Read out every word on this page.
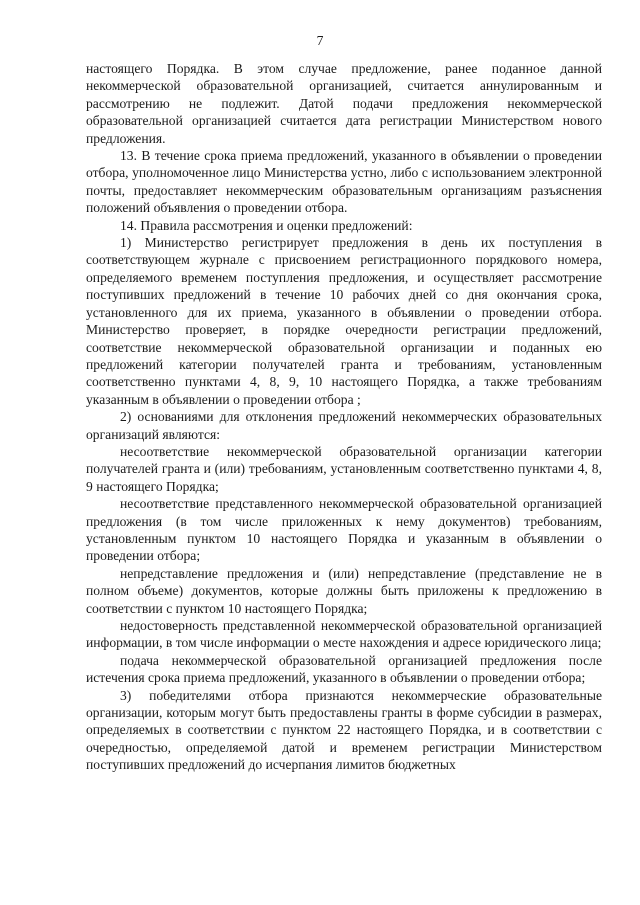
7

настоящего Порядка. В этом случае предложение, ранее поданное данной некоммерческой образовательной организацией, считается аннулированным и рассмотрению не подлежит. Датой подачи предложения некоммерческой образовательной организацией считается дата регистрации Министерством нового предложения.

13. В течение срока приема предложений, указанного в объявлении о проведении отбора, уполномоченное лицо Министерства устно, либо с использованием электронной почты, предоставляет некоммерческим образовательным организациям разъяснения положений объявления о проведении отбора.

14. Правила рассмотрения и оценки предложений:

1) Министерство регистрирует предложения в день их поступления в соответствующем журнале с присвоением регистрационного порядкового номера, определяемого временем поступления предложения, и осуществляет рассмотрение поступивших предложений в течение 10 рабочих дней со дня окончания срока, установленного для их приема, указанного в объявлении о проведении отбора. Министерство проверяет, в порядке очередности регистрации предложений, соответствие некоммерческой образовательной организации и поданных ею предложений категории получателей гранта и требованиям, установленным соответственно пунктами 4, 8, 9, 10 настоящего Порядка, а также требованиям указанным в объявлении о проведении отбора ;

2) основаниями для отклонения предложений некоммерческих образовательных организаций являются:

несоответствие некоммерческой образовательной организации категории получателей гранта и (или) требованиям, установленным соответственно пунктами 4, 8, 9 настоящего Порядка;

несоответствие представленного некоммерческой образовательной организацией предложения (в том числе приложенных к нему документов) требованиям, установленным пунктом 10 настоящего Порядка и указанным в объявлении о проведении отбора;

непредставление предложения и (или) непредставление (представление не в полном объеме) документов, которые должны быть приложены к предложению в соответствии с пунктом 10 настоящего Порядка;

недостоверность представленной некоммерческой образовательной организацией информации, в том числе информации о месте нахождения и адресе юридического лица;

подача некоммерческой образовательной организацией предложения после истечения срока приема предложений, указанного в объявлении о проведении отбора;

3) победителями отбора признаются некоммерческие образовательные организации, которым могут быть предоставлены гранты в форме субсидии в размерах, определяемых в соответствии с пунктом 22 настоящего Порядка, и в соответствии с очередностью, определяемой датой и временем регистрации Министерством поступивших предложений до исчерпания лимитов бюджетных
